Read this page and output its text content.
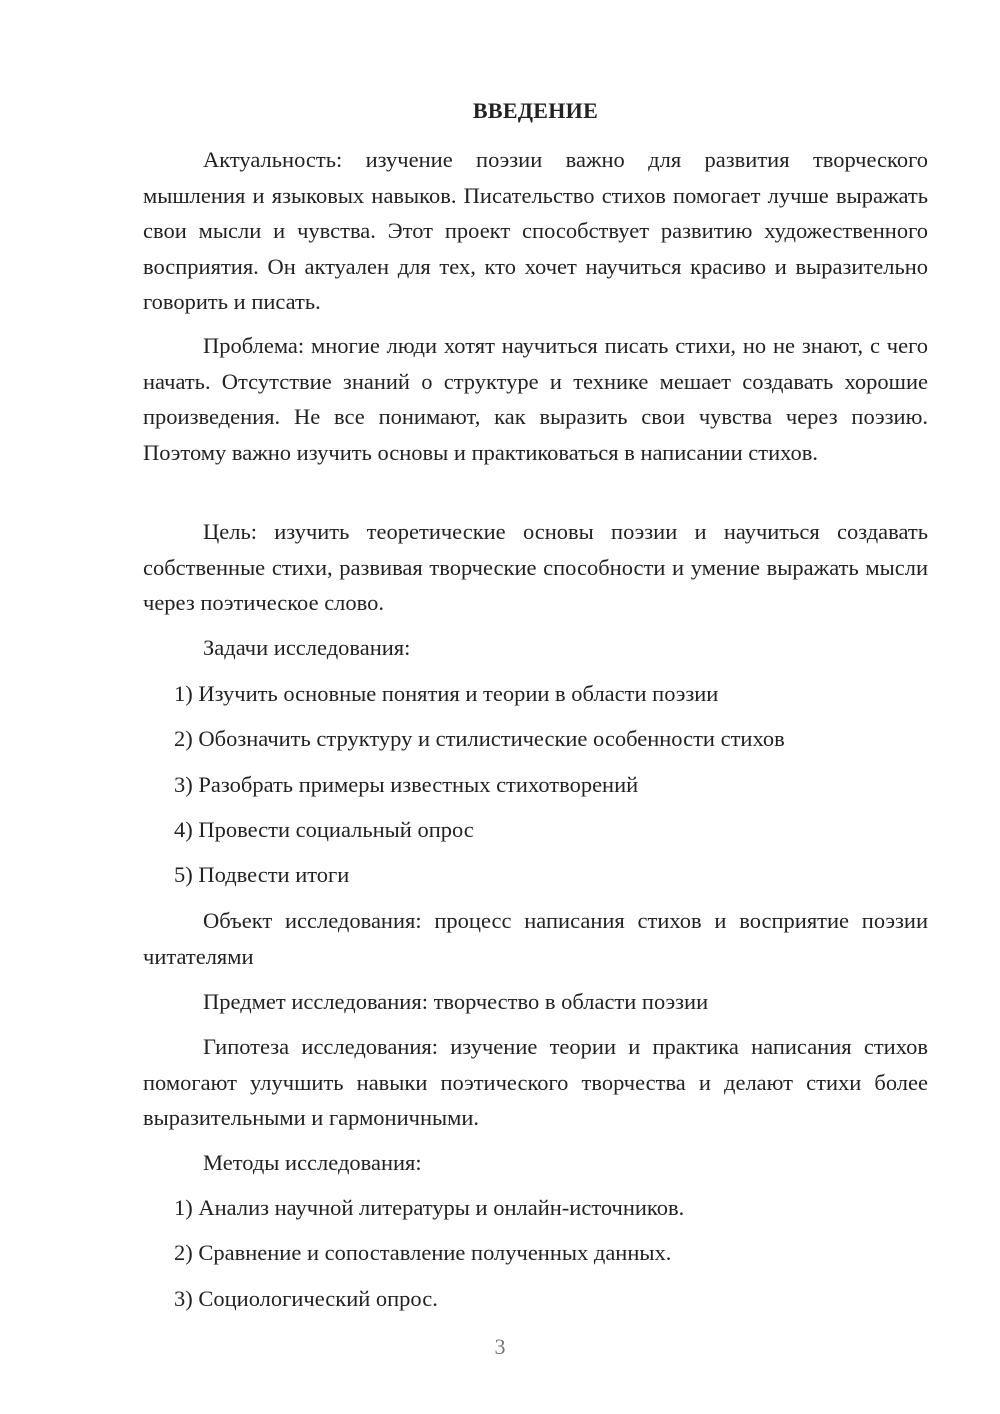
ВВЕДЕНИЕ

Актуальность: изучение поэзии важно для развития творческого мышления и языковых навыков. Писательство стихов помогает лучше выражать свои мысли и чувства. Этот проект способствует развитию художественного восприятия. Он актуален для тех, кто хочет научиться красиво и выразительно говорить и писать.

Проблема: многие люди хотят научиться писать стихи, но не знают, с чего начать. Отсутствие знаний о структуре и технике мешает создавать хорошие произведения. Не все понимают, как выразить свои чувства через поэзию. Поэтому важно изучить основы и практиковаться в написании стихов.

Цель: изучить теоретические основы поэзии и научиться создавать собственные стихи, развивая творческие способности и умение выражать мысли через поэтическое слово.

Задачи исследования:

1) Изучить основные понятия и теории в области поэзии

2) Обозначить структуру и стилистические особенности стихов

3) Разобрать примеры известных стихотворений

4) Провести социальный опрос

5) Подвести итоги

Объект исследования: процесс написания стихов и восприятие поэзии читателями

Предмет исследования: творчество в области поэзии

Гипотеза исследования: изучение теории и практика написания стихов помогают улучшить навыки поэтического творчества и делают стихи более выразительными и гармоничными.

Методы исследования:

1) Анализ научной литературы и онлайн-источников.

2) Сравнение и сопоставление полученных данных.

3) Социологический опрос.

3
